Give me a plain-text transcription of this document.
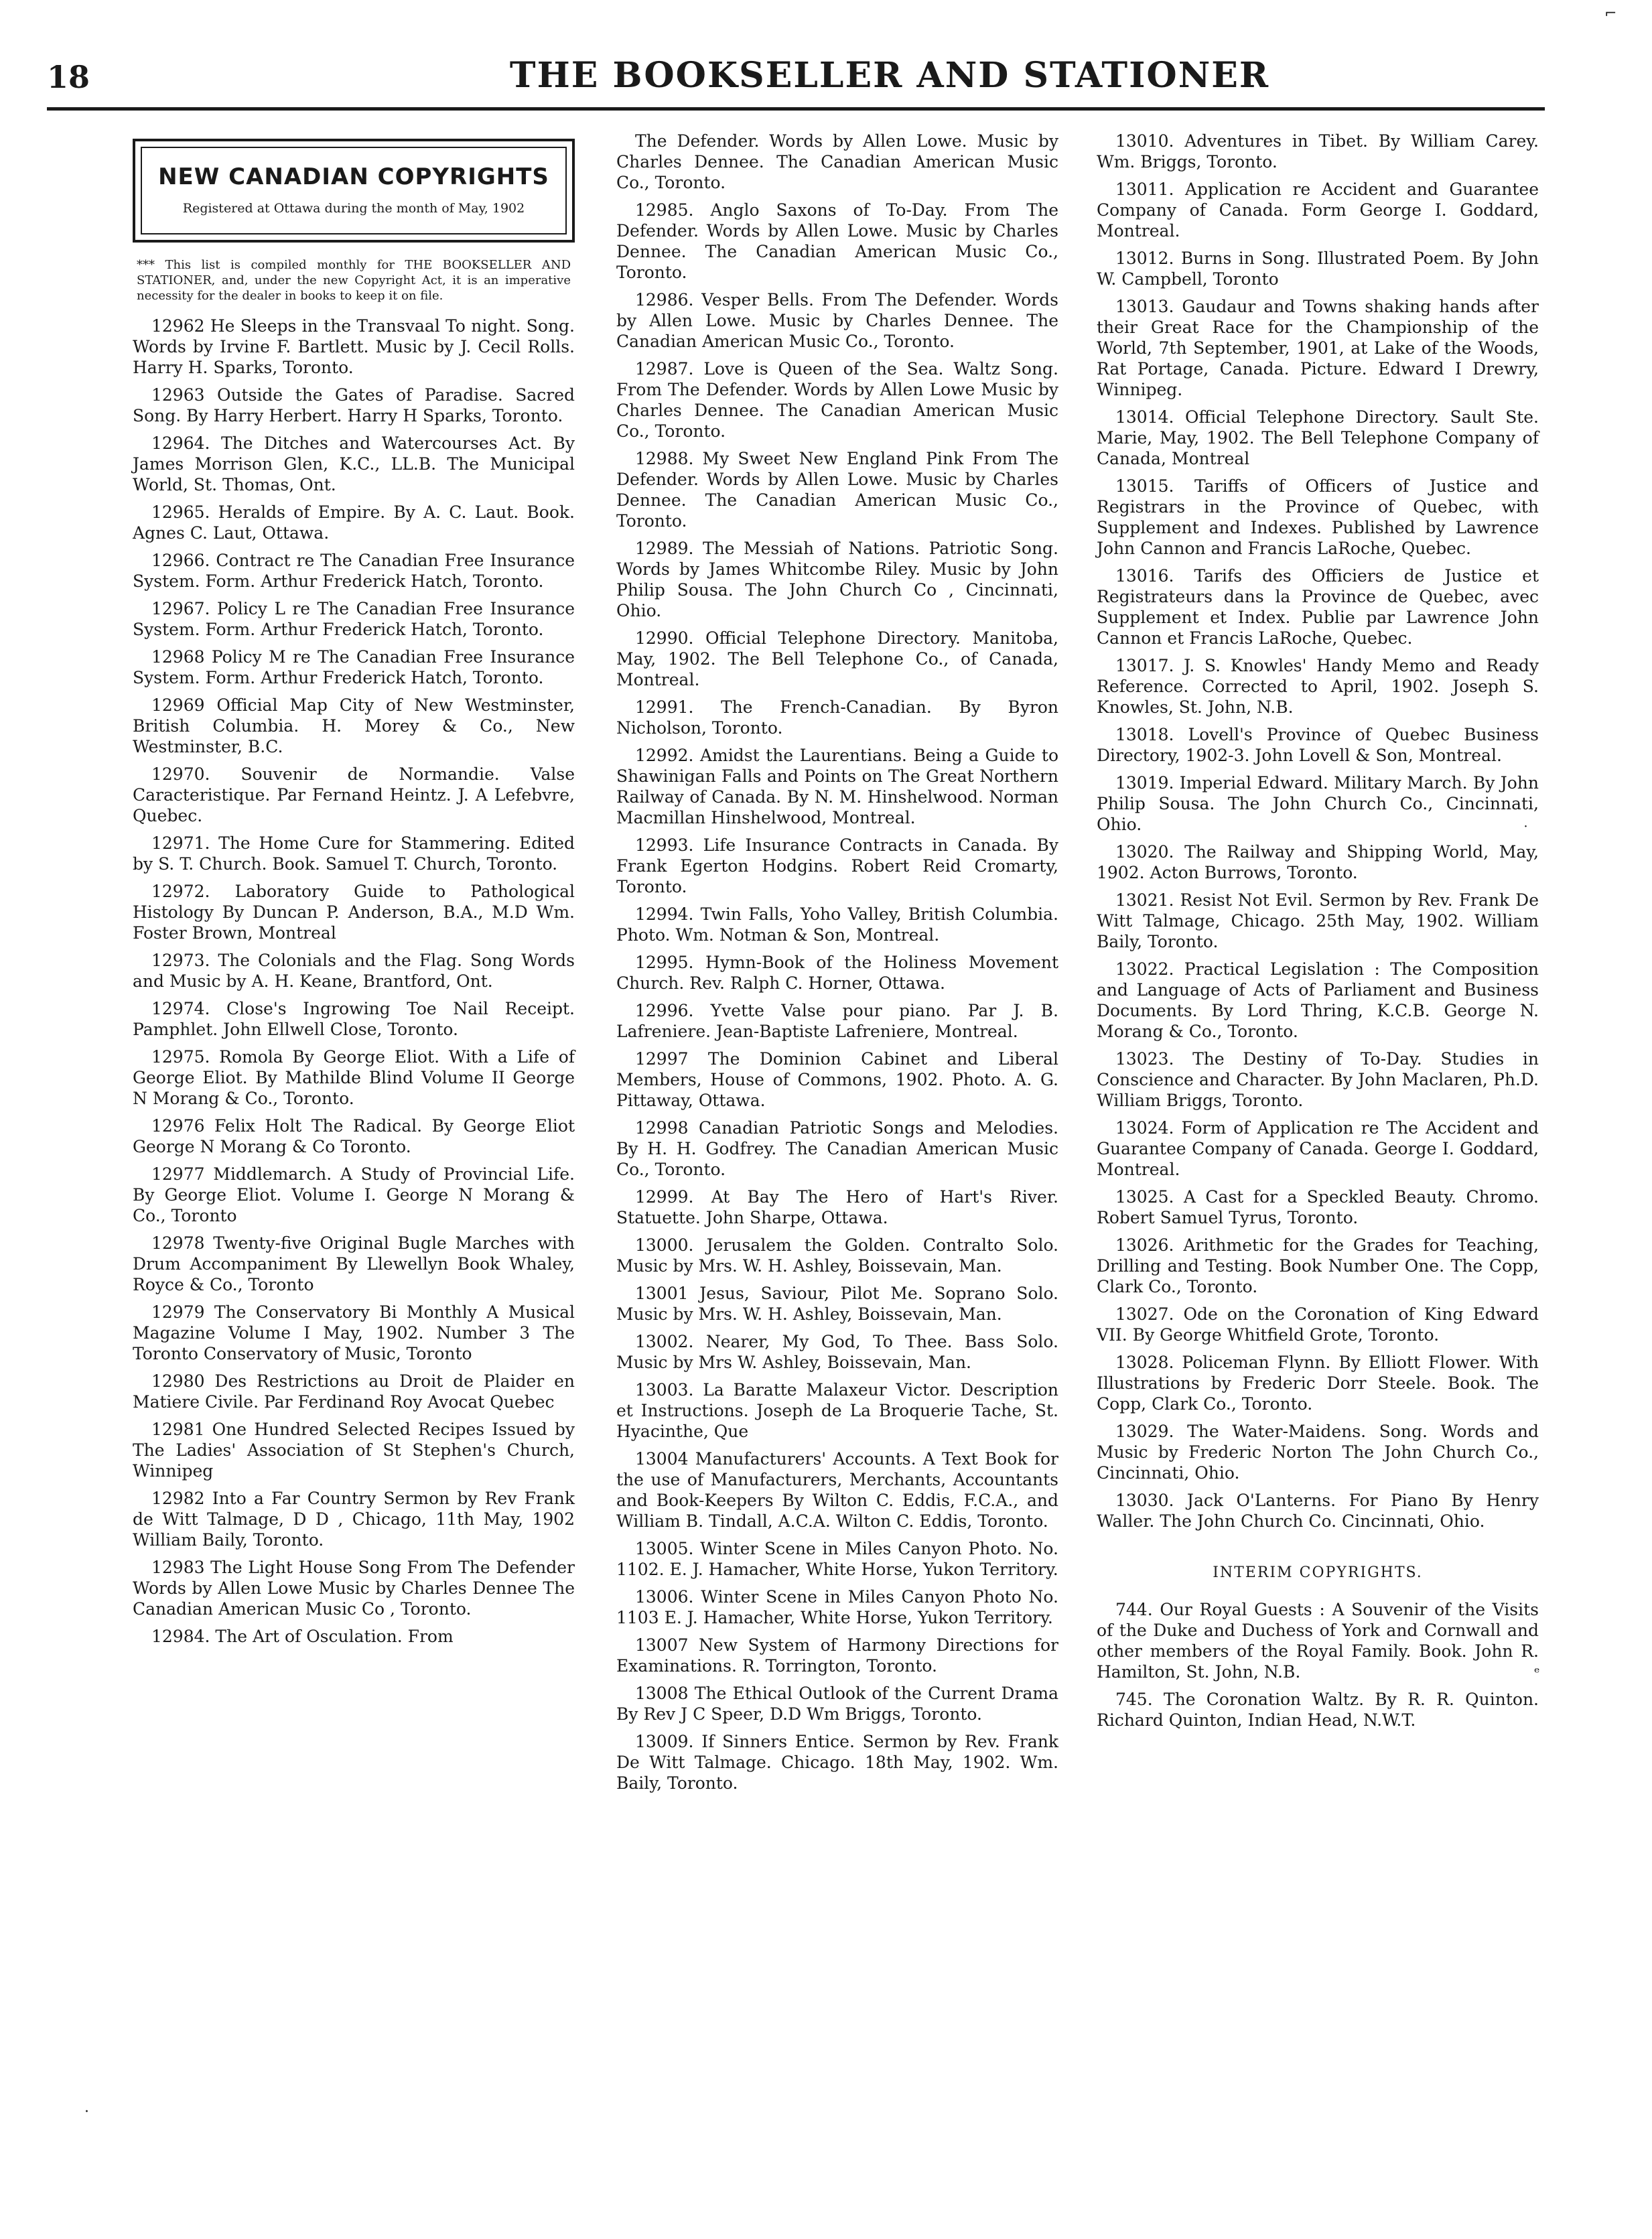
18	THE BOOKSELLER AND STATIONER
NEW CANADIAN COPYRIGHTS
Registered at Ottawa during the month of May, 1902
*** This list is compiled monthly for THE BOOKSELLER AND STATIONER, and, under the new Copyright Act, it is an imperative necessity for the dealer in books to keep it on file.

12962 He Sleeps in the Transvaal To night. Song. Words by Irvine F. Bartlett. Music by J. Cecil Rolls. Harry H. Sparks, Toronto.

12963 Outside the Gates of Paradise. Sacred Song. By Harry Herbert. Harry H Sparks, Toronto.

12964. The Ditches and Watercourses Act. By James Morrison Glen, K.C., LL.B. The Municipal World, St. Thomas, Ont.

12965. Heralds of Empire. By A. C. Laut. Book. Agnes C. Laut, Ottawa.

12966. Contract re The Canadian Free Insurance System. Form. Arthur Frederick Hatch, Toronto.

12967. Policy L re The Canadian Free Insurance System. Form. Arthur Frederick Hatch, Toronto.

12968 Policy M re The Canadian Free Insurance System. Form. Arthur Frederick Hatch, Toronto.

12969 Official Map City of New Westminster, British Columbia. H. Morey & Co., New Westminster, B.C.

12970. Souvenir de Normandie. Valse Caracteristique. Par Fernand Heintz. J. A Lefebvre, Quebec.

12971. The Home Cure for Stammering. Edited by S. T. Church. Book. Samuel T. Church, Toronto.

12972. Laboratory Guide to Pathological Histology By Duncan P. Anderson, B.A., M.D Wm. Foster Brown, Montreal

12973. The Colonials and the Flag. Song Words and Music by A. H. Keane, Brantford, Ont.

12974. Close's Ingrowing Toe Nail Receipt. Pamphlet. John Ellwell Close, Toronto.

12975. Romola By George Eliot. With a Life of George Eliot. By Mathilde Blind Volume II George N Morang & Co., Toronto.

12976 Felix Holt The Radical. By George Eliot George N Morang & Co Toronto.

12977 Middlemarch. A Study of Provincial Life. By George Eliot. Volume I. George N Morang & Co., Toronto

12978 Twenty-five Original Bugle Marches with Drum Accompaniment By Llewellyn Book Whaley, Royce & Co., Toronto

12979 The Conservatory Bi Monthly A Musical Magazine Volume I May, 1902. Number 3 The Toronto Conservatory of Music, Toronto

12980 Des Restrictions au Droit de Plaider en Matiere Civile. Par Ferdinand Roy Avocat Quebec

12981 One Hundred Selected Recipes Issued by The Ladies' Association of St Stephen's Church, Winnipeg

12982 Into a Far Country Sermon by Rev Frank de Witt Talmage, D D , Chicago, 11th May, 1902 William Baily, Toronto.

12983 The Light House Song From The Defender Words by Allen Lowe Music by Charles Dennee The Canadian American Music Co , Toronto.

12984. The Art of Osculation. From

The Defender. Words by Allen Lowe. Music by Charles Dennee. The Canadian American Music Co., Toronto.

12985. Anglo Saxons of To-Day. From The Defender. Words by Allen Lowe. Music by Charles Dennee. The Canadian American Music Co., Toronto.

12986. Vesper Bells. From The Defender. Words by Allen Lowe. Music by Charles Dennee. The Canadian American Music Co., Toronto.

12987. Love is Queen of the Sea. Waltz Song. From The Defender. Words by Allen Lowe Music by Charles Dennee. The Canadian American Music Co., Toronto.

12988. My Sweet New England Pink From The Defender. Words by Allen Lowe. Music by Charles Dennee. The Canadian American Music Co., Toronto.

12989. The Messiah of Nations. Patriotic Song. Words by James Whitcombe Riley. Music by John Philip Sousa. The John Church Co , Cincinnati, Ohio.

12990. Official Telephone Directory. Manitoba, May, 1902. The Bell Telephone Co., of Canada, Montreal.

12991. The French-Canadian. By Byron Nicholson, Toronto.

12992. Amidst the Laurentians. Being a Guide to Shawinigan Falls and Points on The Great Northern Railway of Canada. By N. M. Hinshelwood. Norman Macmillan Hinshelwood, Montreal.

12993. Life Insurance Contracts in Canada. By Frank Egerton Hodgins. Robert Reid Cromarty, Toronto.

12994. Twin Falls, Yoho Valley, British Columbia. Photo. Wm. Notman & Son, Montreal.

12995. Hymn-Book of the Holiness Movement Church. Rev. Ralph C. Horner, Ottawa.

12996. Yvette Valse pour piano. Par J. B. Lafreniere. Jean-Baptiste Lafreniere, Montreal.

12997 The Dominion Cabinet and Liberal Members, House of Commons, 1902. Photo. A. G. Pittaway, Ottawa.

12998 Canadian Patriotic Songs and Melodies. By H. H. Godfrey. The Canadian American Music Co., Toronto.

12999. At Bay The Hero of Hart's River. Statuette. John Sharpe, Ottawa.

13000. Jerusalem the Golden. Contralto Solo. Music by Mrs. W. H. Ashley, Boissevain, Man.

13001 Jesus, Saviour, Pilot Me. Soprano Solo. Music by Mrs. W. H. Ashley, Boissevain, Man.

13002. Nearer, My God, To Thee. Bass Solo. Music by Mrs W. Ashley, Boissevain, Man.

13003. La Baratte Malaxeur Victor. Description et Instructions. Joseph de La Broquerie Tache, St. Hyacinthe, Que

13004 Manufacturers' Accounts. A Text Book for the use of Manufacturers, Merchants, Accountants and Book-Keepers By Wilton C. Eddis, F.C.A., and William B. Tindall, A.C.A. Wilton C. Eddis, Toronto.

13005. Winter Scene in Miles Canyon Photo. No. 1102. E. J. Hamacher, White Horse, Yukon Territory.

13006. Winter Scene in Miles Canyon Photo No. 1103 E. J. Hamacher, White Horse, Yukon Territory.

13007 New System of Harmony Directions for Examinations. R. Torrington, Toronto.

13008 The Ethical Outlook of the Current Drama By Rev J C Speer, D.D Wm Briggs, Toronto.

13009. If Sinners Entice. Sermon by Rev. Frank De Witt Talmage. Chicago. 18th May, 1902. Wm. Baily, Toronto.

13010. Adventures in Tibet. By William Carey. Wm. Briggs, Toronto.

13011. Application re Accident and Guarantee Company of Canada. Form George I. Goddard, Montreal.

13012. Burns in Song. Illustrated Poem. By John W. Campbell, Toronto

13013. Gaudaur and Towns shaking hands after their Great Race for the Championship of the World, 7th September, 1901, at Lake of the Woods, Rat Portage, Canada. Picture. Edward I Drewry, Winnipeg.

13014. Official Telephone Directory. Sault Ste. Marie, May, 1902. The Bell Telephone Company of Canada, Montreal

13015. Tariffs of Officers of Justice and Registrars in the Province of Quebec, with Supplement and Indexes. Published by Lawrence John Cannon and Francis LaRoche, Quebec.

13016. Tarifs des Officiers de Justice et Registrateurs dans la Province de Quebec, avec Supplement et Index. Publie par Lawrence John Cannon et Francis LaRoche, Quebec.

13017. J. S. Knowles' Handy Memo and Ready Reference. Corrected to April, 1902. Joseph S. Knowles, St. John, N.B.

13018. Lovell's Province of Quebec Business Directory, 1902-3. John Lovell & Son, Montreal.

13019. Imperial Edward. Military March. By John Philip Sousa. The John Church Co., Cincinnati, Ohio.

13020. The Railway and Shipping World, May, 1902. Acton Burrows, Toronto.

13021. Resist Not Evil. Sermon by Rev. Frank De Witt Talmage, Chicago. 25th May, 1902. William Baily, Toronto.

13022. Practical Legislation : The Composition and Language of Acts of Parliament and Business Documents. By Lord Thring, K.C.B. George N. Morang & Co., Toronto.

13023. The Destiny of To-Day. Studies in Conscience and Character. By John Maclaren, Ph.D. William Briggs, Toronto.

13024. Form of Application re The Accident and Guarantee Company of Canada. George I. Goddard, Montreal.

13025. A Cast for a Speckled Beauty. Chromo. Robert Samuel Tyrus, Toronto.

13026. Arithmetic for the Grades for Teaching, Drilling and Testing. Book Number One. The Copp, Clark Co., Toronto.

13027. Ode on the Coronation of King Edward VII. By George Whitfield Grote, Toronto.

13028. Policeman Flynn. By Elliott Flower. With Illustrations by Frederic Dorr Steele. Book. The Copp, Clark Co., Toronto.

13029. The Water-Maidens. Song. Words and Music by Frederic Norton The John Church Co., Cincinnati, Ohio.

13030. Jack O'Lanterns. For Piano By Henry Waller. The John Church Co. Cincinnati, Ohio.

INTERIM COPYRIGHTS.

744. Our Royal Guests : A Souvenir of the Visits of the Duke and Duchess of York and Cornwall and other members of the Royal Family. Book. John R. Hamilton, St. John, N.B.

745. The Coronation Waltz. By R. R. Quinton. Richard Quinton, Indian Head, N.W.T.

⌐
˙
ᵉ
·
